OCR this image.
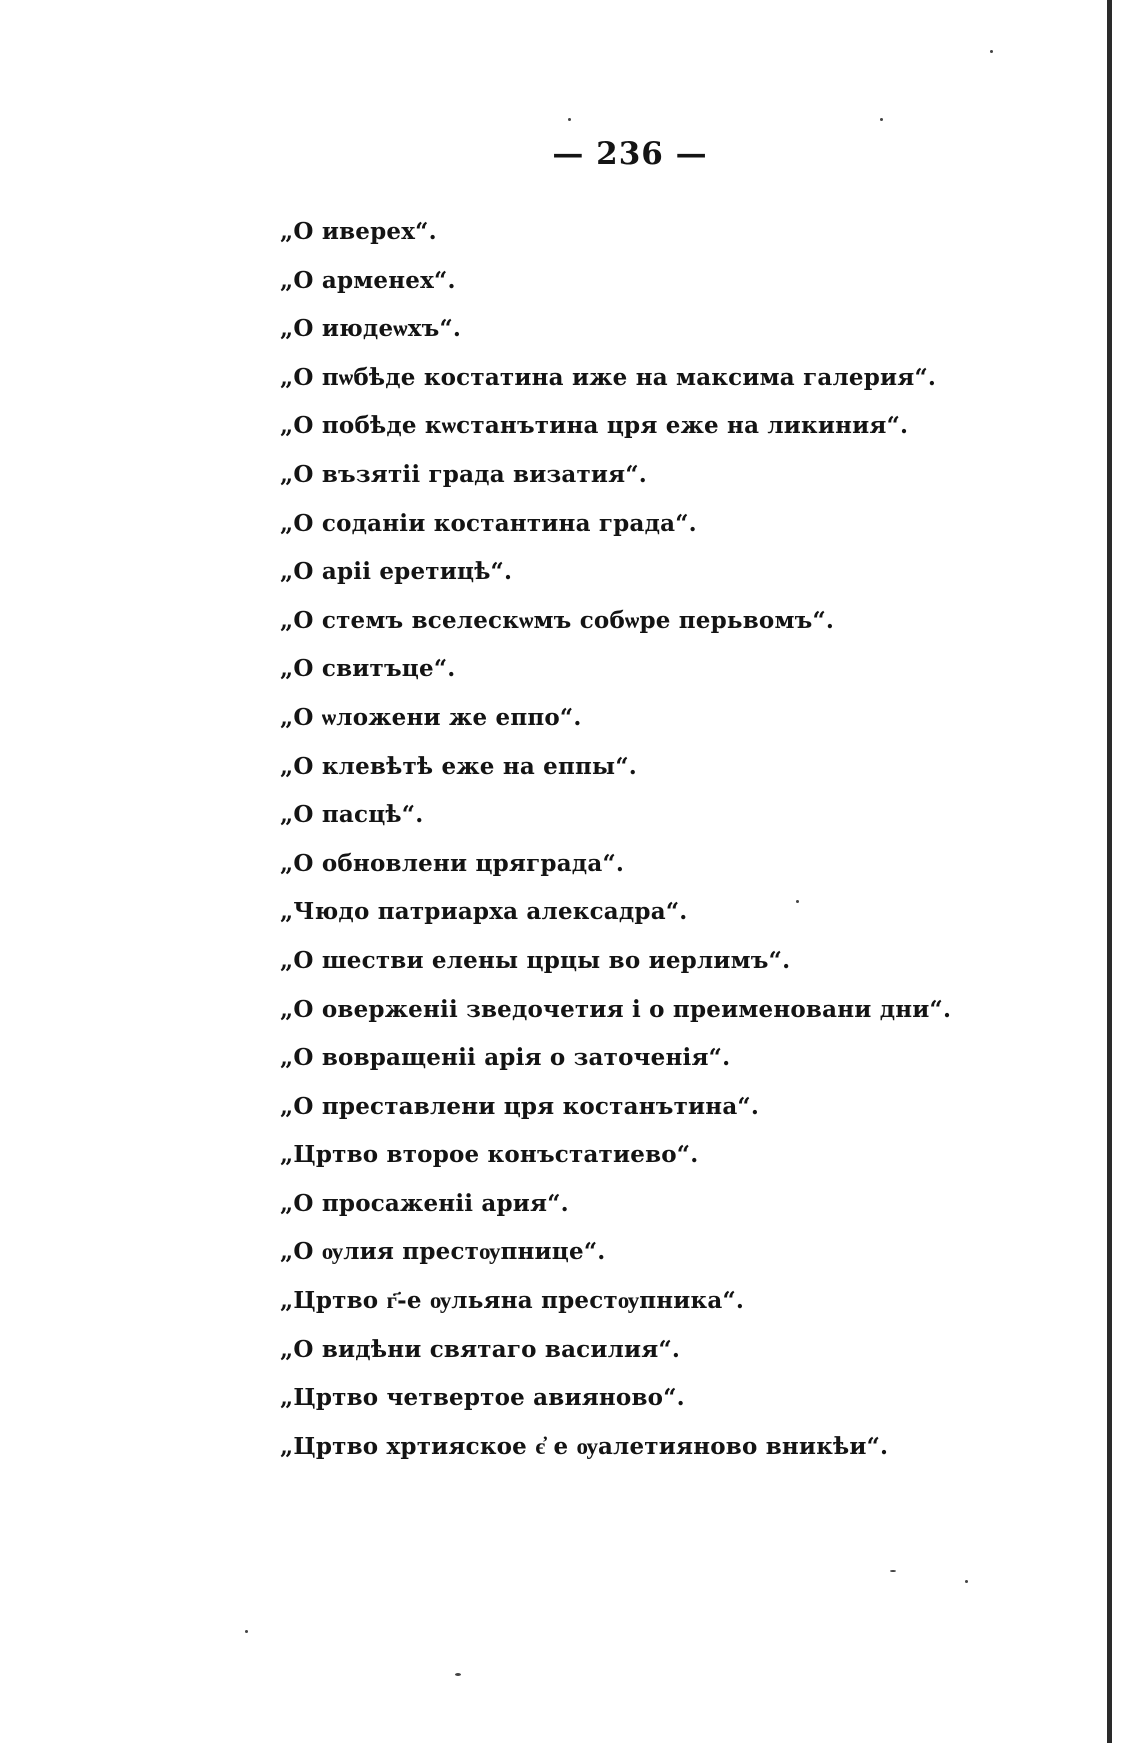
— 236 —
„О иверех“.
„О арменех“.
„О июдеѡхъ“.
„О пѡбѣде костатина иже на максима галерия“.
„О побѣде кѡстанътина цря еже на ликиния“.
„О възятіі града визатия“.
„О соданіи костантина града“.
„О аріі еретицѣ“.
„О стемъ вселескѡмъ собѡре перьвомъ“.
„О свитъце“.
„О ѡложени же еппо“.
„О клевѣтѣ еже на еппы“.
„О пасцѣ“.
„О обновлени цряграда“.
„Чюдо патриарха алексадра“.
„О шестви елены црцы во иерлимъ“.
„О оверженіі зведочетия і о преименовани дни“.
„О вовращеніі арія о заточенія“.
„О преставлени цря костанътина“.
„Цртво второе конъстатиево“.
„О просаженіі ария“.
„О ѹлия престѹпнице“.
„Цртво г҃-е ѹльяна престѹпника“.
„О видѣни святаго василия“.
„Цртво четвертое авияново“.
„Цртво хртияское є҆ е ѹалетияново вникѣи“.
